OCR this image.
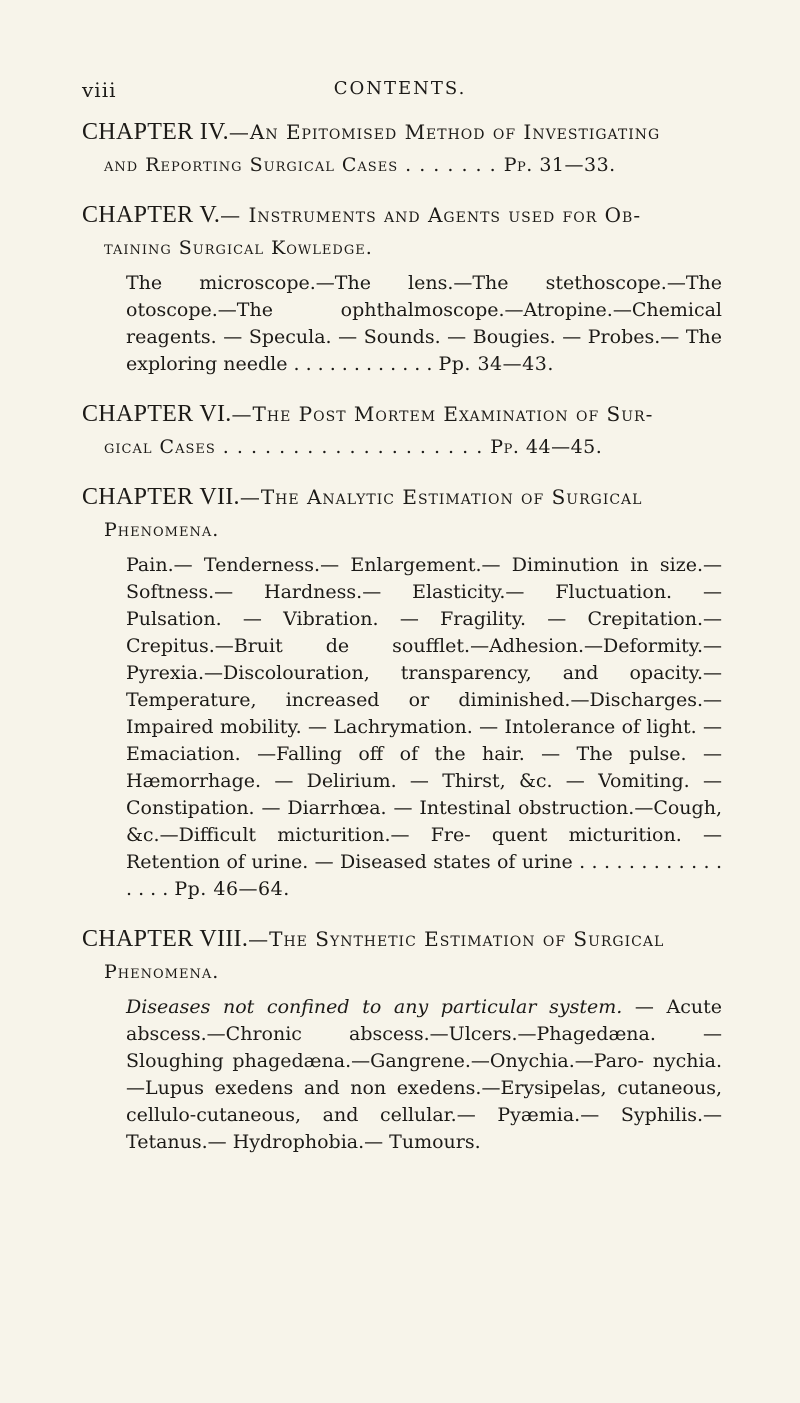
viii	CONTENTS.
CHAPTER IV.—An Epitomised Method of Investigating
and Reporting Surgical Cases . . . . . . . Pp. 31—33.
CHAPTER V.— Instruments and Agents used for Ob-
taining Surgical Kowledge.
The microscope.—The lens.—The stethoscope.—The otoscope.—The ophthalmoscope.—Atropine.—Chemical reagents. — Specula. — Sounds. — Bougies. — Probes.— The exploring needle . . . . . . . . . . . . Pp. 34—43.
CHAPTER VI.—The Post Mortem Examination of Sur-
gical Cases . . . . . . . . . . . . . . . . . . . Pp. 44—45.
CHAPTER VII.—The Analytic Estimation of Surgical
Phenomena.
Pain.— Tenderness.— Enlargement.— Diminution in size.— Softness.— Hardness.— Elasticity.— Fluctuation. — Pulsation. — Vibration. — Fragility. — Crepitation.— Crepitus.—Bruit de soufflet.—Adhesion.—Deformity.— Pyrexia.—Discolouration, transparency, and opacity.— Temperature, increased or diminished.—Discharges.— Impaired mobility. — Lachrymation. — Intolerance of light. — Emaciation. —Falling off of the hair. — The pulse. — Hæmorrhage. — Delirium. — Thirst, &c. — Vomiting. — Constipation. — Diarrhœa. — Intestinal obstruction.—Cough, &c.—Difficult micturition.— Fre- quent micturition. — Retention of urine. — Diseased states of urine . . . . . . . . . . . . . . . . Pp. 46—64.
CHAPTER VIII.—The Synthetic Estimation of Surgical
Phenomena.
Diseases not confined to any particular system. — Acute abscess.—Chronic abscess.—Ulcers.—Phagedæna. —Sloughing phagedæna.—Gangrene.—Onychia.—Paro- nychia.—Lupus exedens and non exedens.—Erysipelas, cutaneous, cellulo-cutaneous, and cellular.— Pyæmia.— Syphilis.— Tetanus.— Hydrophobia.— Tumours.
